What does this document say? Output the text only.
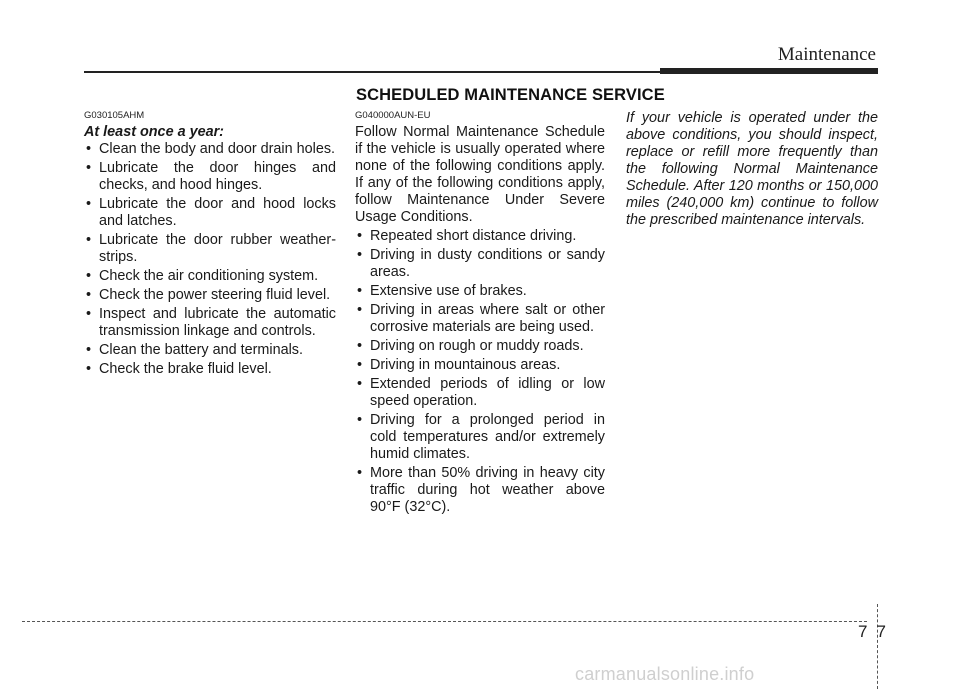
Maintenance
SCHEDULED MAINTENANCE SERVICE
G030105AHM
At least once a year:
• Clean the body and door drain holes.
• Lubricate the door hinges and checks, and hood hinges.
• Lubricate the door and hood locks and latches.
• Lubricate the door rubber weather-strips.
• Check the air conditioning system.
• Check the power steering fluid level.
• Inspect and lubricate the automatic transmission linkage and controls.
• Clean the battery and terminals.
• Check the brake fluid level.
G040000AUN-EU

Follow Normal Maintenance Schedule if the vehicle is usually operated where none of the following conditions apply. If any of the following conditions apply, follow Maintenance Under Severe Usage Conditions.

• Repeated short distance driving.
• Driving in dusty conditions or sandy areas.
• Extensive use of brakes.
• Driving in areas where salt or other corrosive materials are being used.
• Driving on rough or muddy roads.
• Driving in mountainous areas.
• Extended periods of idling or low speed operation.
• Driving for a prolonged period in cold temperatures and/or extremely humid climates.
• More than 50% driving in heavy city traffic during hot weather above 90°F (32°C).

If your vehicle is operated under the above conditions, you should inspect, replace or refill more frequently than the following Normal Maintenance Schedule. After 120 months or 150,000 miles (240,000 km) continue to follow the prescribed maintenance intervals.

7 7
carmanualsonline.info
